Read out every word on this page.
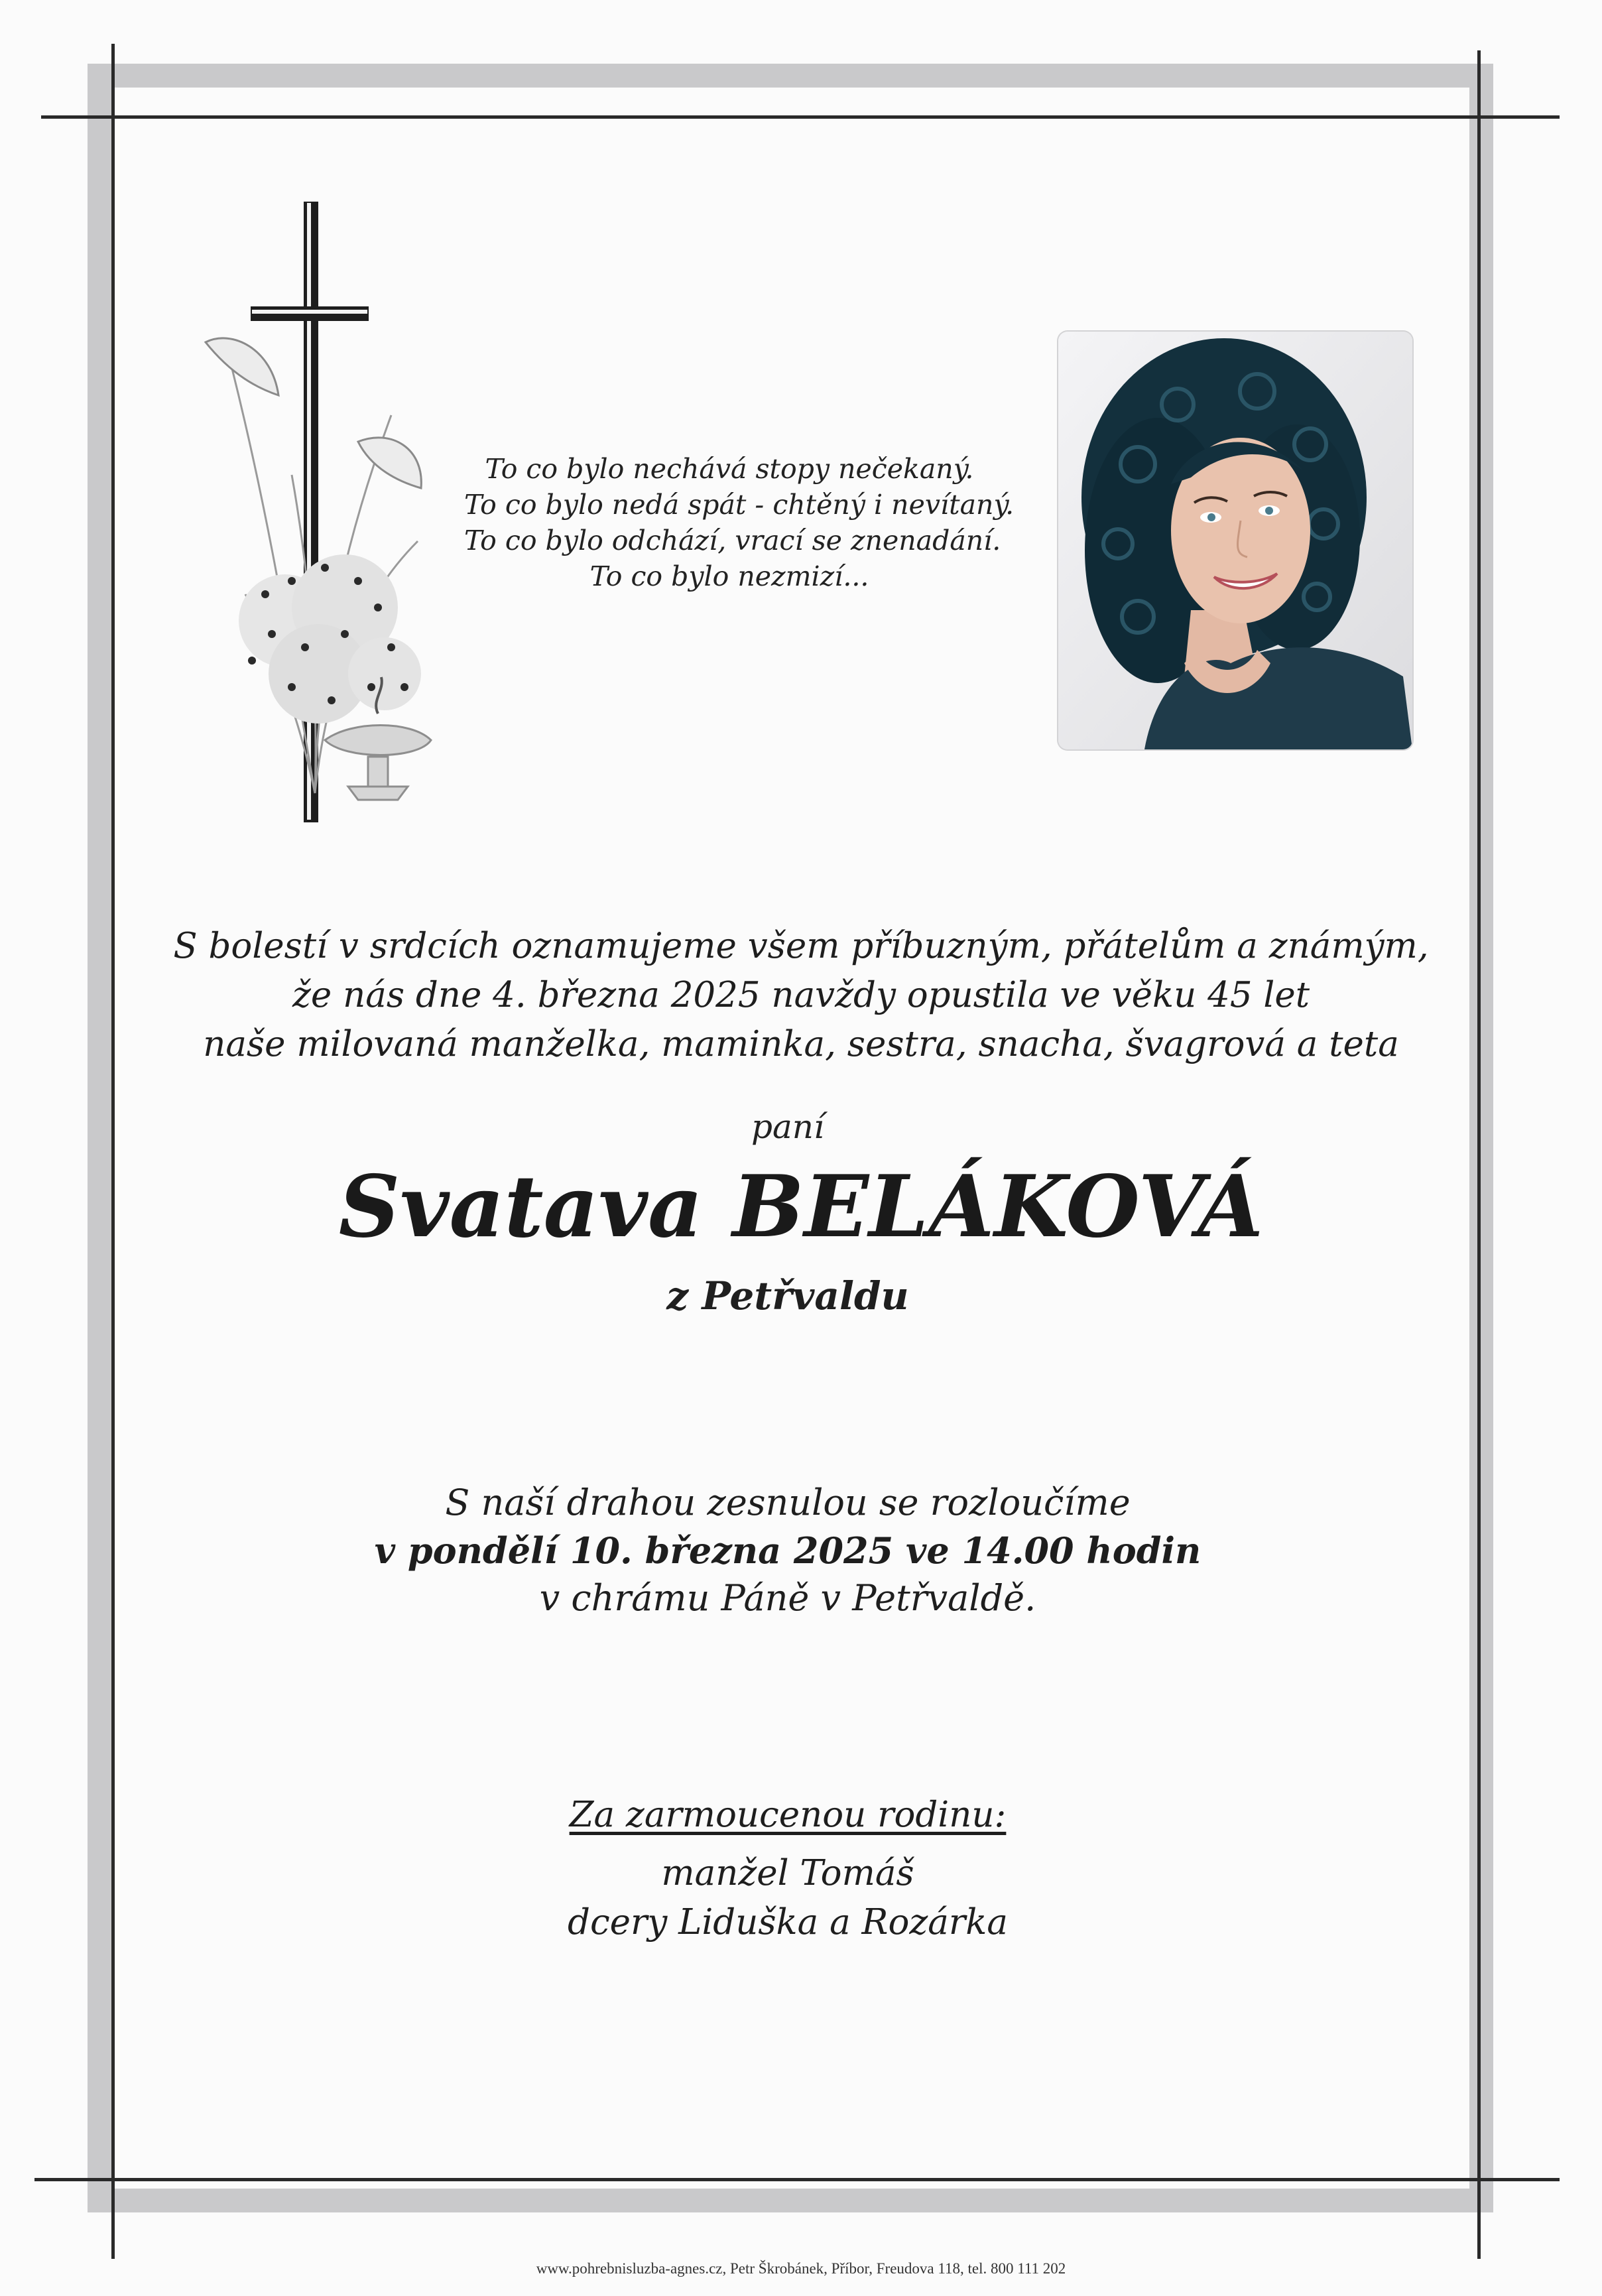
To co bylo nechává stopy nečekaný.
To co bylo nedá spát - chtěný i nevítaný.
To co bylo odchází, vrací se znenadání.
To co bylo nezmizí...
S bolestí v srdcích oznamujeme všem příbuzným, přátelům a známým,
že nás dne 4. března 2025 navždy opustila ve věku 45 let
naše milovaná manželka, maminka, sestra, snacha, švagrová a teta
paní
Svatava BELÁKOVÁ
z Petřvaldu
S naší drahou zesnulou se rozloučíme
v pondělí 10. března 2025 ve 14.00 hodin
v chrámu Páně v Petřvaldě.
Za zarmoucenou rodinu:
manžel Tomáš
dcery Liduška a Rozárka
www.pohrebnisluzba-agnes.cz, Petr Škrobánek, Příbor, Freudova 118, tel. 800 111 202
